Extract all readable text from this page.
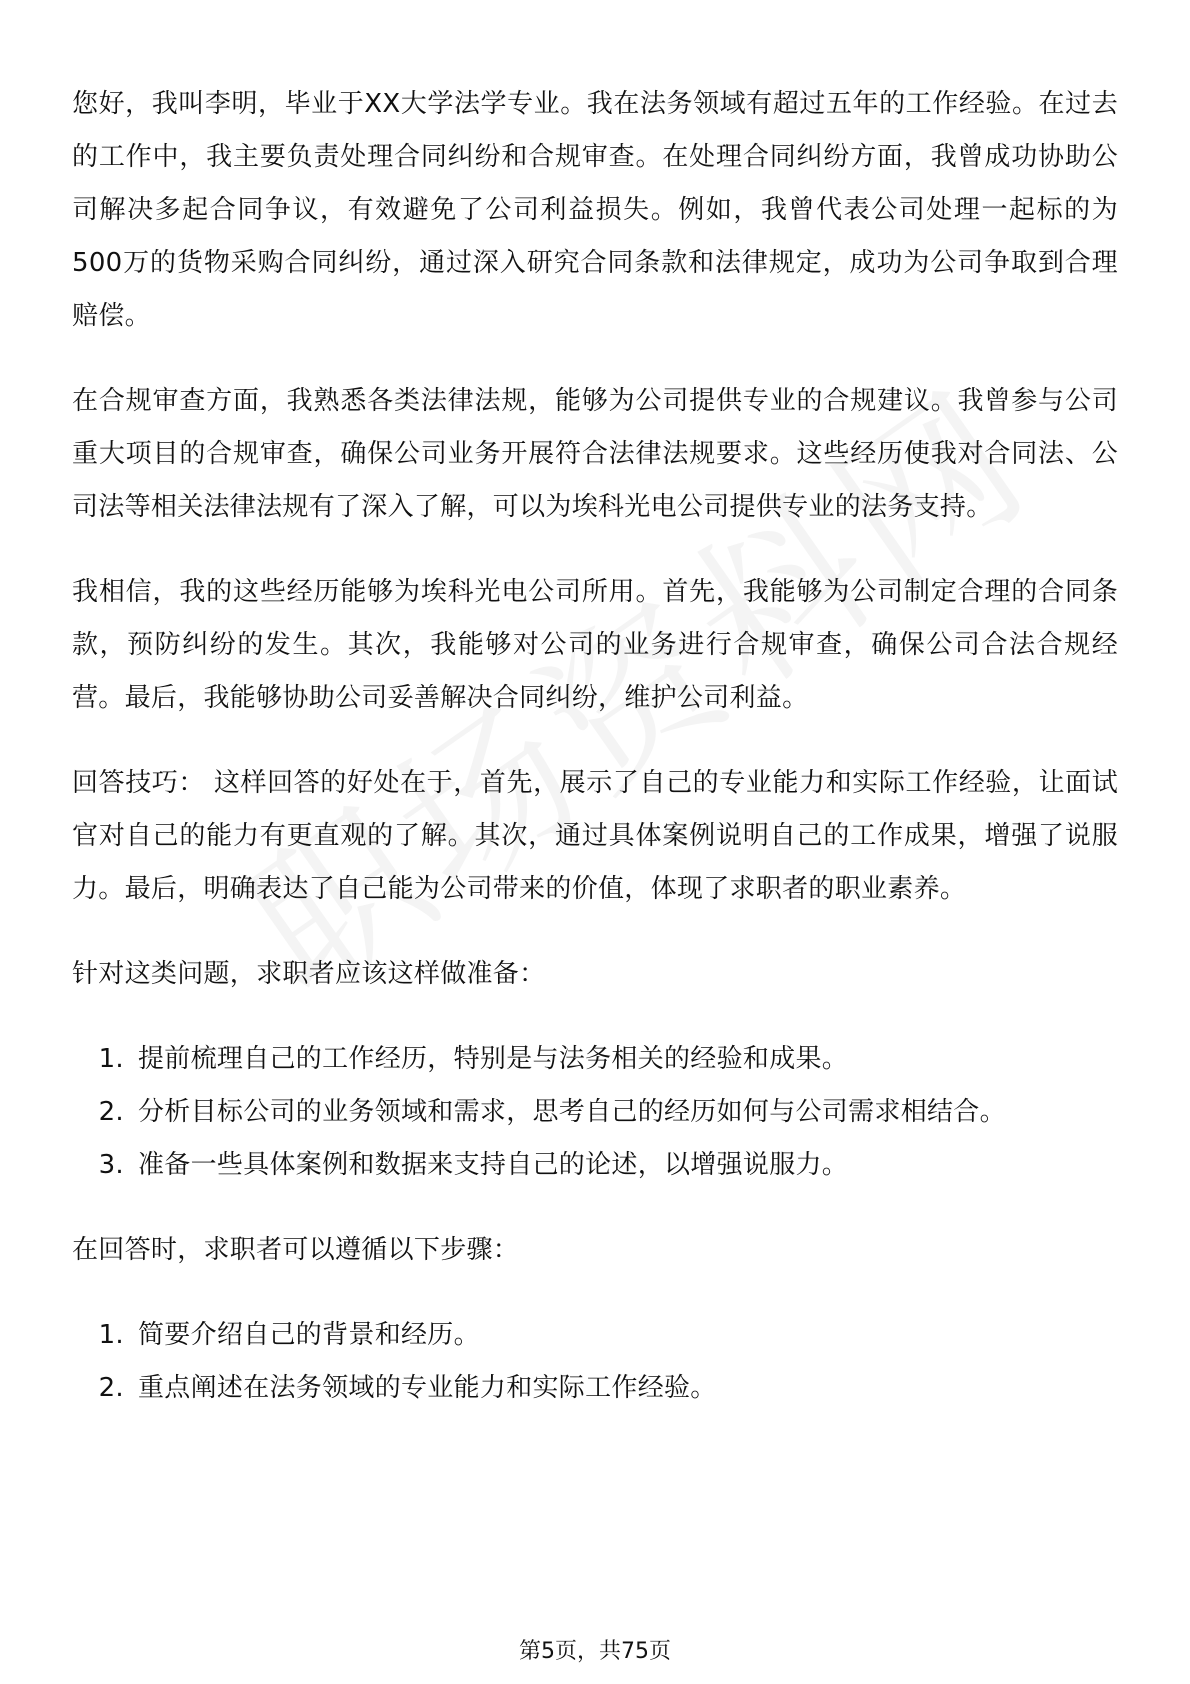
您好，我叫李明，毕业于XX大学法学专业。我在法务领域有超过五年的工作经验。在过去的工作中，我主要负责处理合同纠纷和合规审查。在处理合同纠纷方面，我曾成功协助公司解决多起合同争议，有效避免了公司利益损失。例如，我曾代表公司处理一起标的为500万的货物采购合同纠纷，通过深入研究合同条款和法律规定，成功为公司争取到合理赔偿。

在合规审查方面，我熟悉各类法律法规，能够为公司提供专业的合规建议。我曾参与公司重大项目的合规审查，确保公司业务开展符合法律法规要求。这些经历使我对合同法、公司法等相关法律法规有了深入了解，可以为埃科光电公司提供专业的法务支持。

我相信，我的这些经历能够为埃科光电公司所用。首先，我能够为公司制定合理的合同条款，预防纠纷的发生。其次，我能够对公司的业务进行合规审查，确保公司合法合规经营。最后，我能够协助公司妥善解决合同纠纷，维护公司利益。

回答技巧： 这样回答的好处在于，首先，展示了自己的专业能力和实际工作经验，让面试官对自己的能力有更直观的了解。其次，通过具体案例说明自己的工作成果，增强了说服力。最后，明确表达了自己能为公司带来的价值，体现了求职者的职业素养。

针对这类问题，求职者应该这样做准备：

1. 提前梳理自己的工作经历，特别是与法务相关的经验和成果。
2. 分析目标公司的业务领域和需求，思考自己的经历如何与公司需求相结合。
3. 准备一些具体案例和数据来支持自己的论述，以增强说服力。

在回答时，求职者可以遵循以下步骤：

1. 简要介绍自己的背景和经历。
2. 重点阐述在法务领域的专业能力和实际工作经验。
第5页，共75页
